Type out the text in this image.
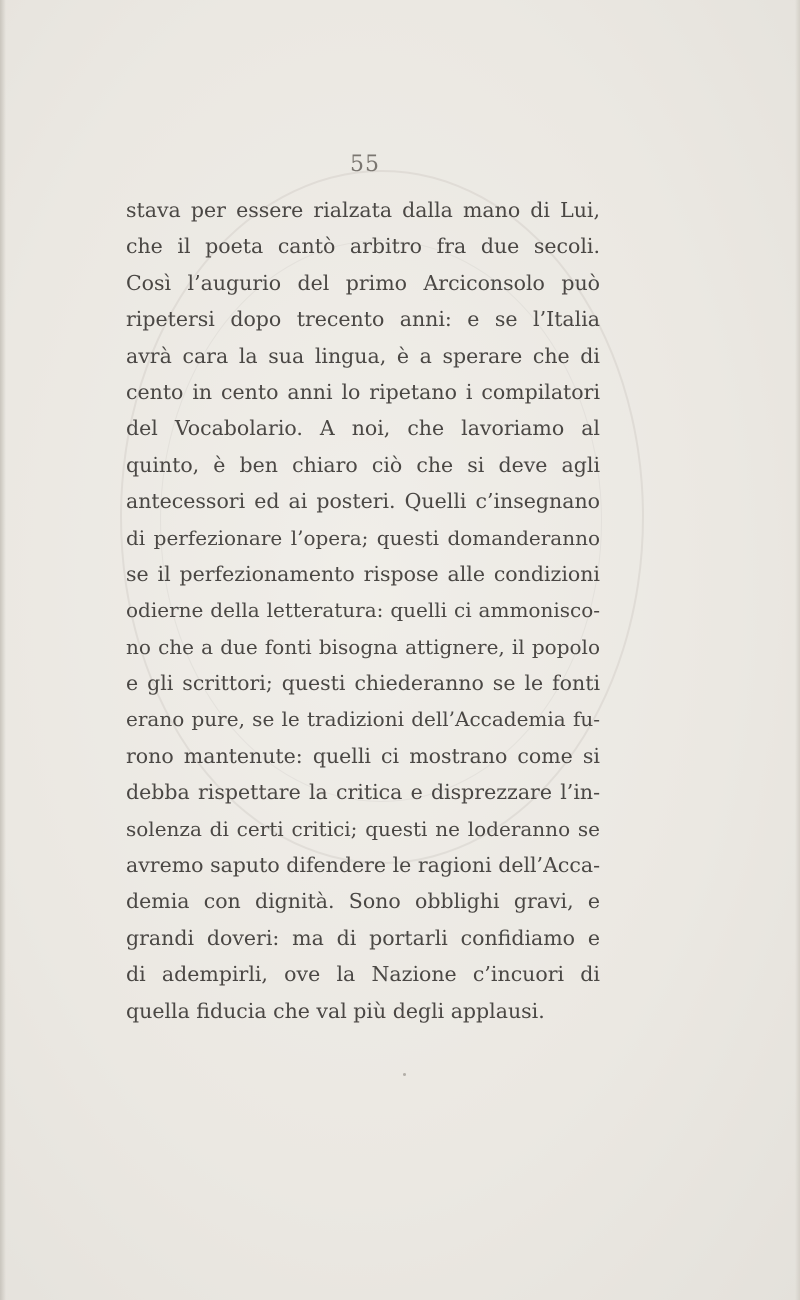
55
stava per essere rialzata dalla mano di Lui,
che il poeta cantò arbitro fra due secoli.
Così l’augurio del primo Arciconsolo può
ripetersi dopo trecento anni: e se l’Italia
avrà cara la sua lingua, è a sperare che di
cento in cento anni lo ripetano i compilatori
del Vocabolario. A noi, che lavoriamo al
quinto, è ben chiaro ciò che si deve agli
antecessori ed ai posteri. Quelli c’insegnano
di perfezionare l’opera; questi domanderanno
se il perfezionamento rispose alle condizioni
odierne della letteratura: quelli ci ammonisco-
no che a due fonti bisogna attignere, il popolo
e gli scrittori; questi chiederanno se le fonti
erano pure, se le tradizioni dell’Accademia fu-
rono mantenute: quelli ci mostrano come si
debba rispettare la critica e disprezzare l’in-
solenza di certi critici; questi ne loderanno se
avremo saputo difendere le ragioni dell’Acca-
demia con dignità. Sono obblighi gravi, e
grandi doveri: ma di portarli confidiamo e
di adempirli, ove la Nazione c’incuori di
quella fiducia che val più degli applausi.
